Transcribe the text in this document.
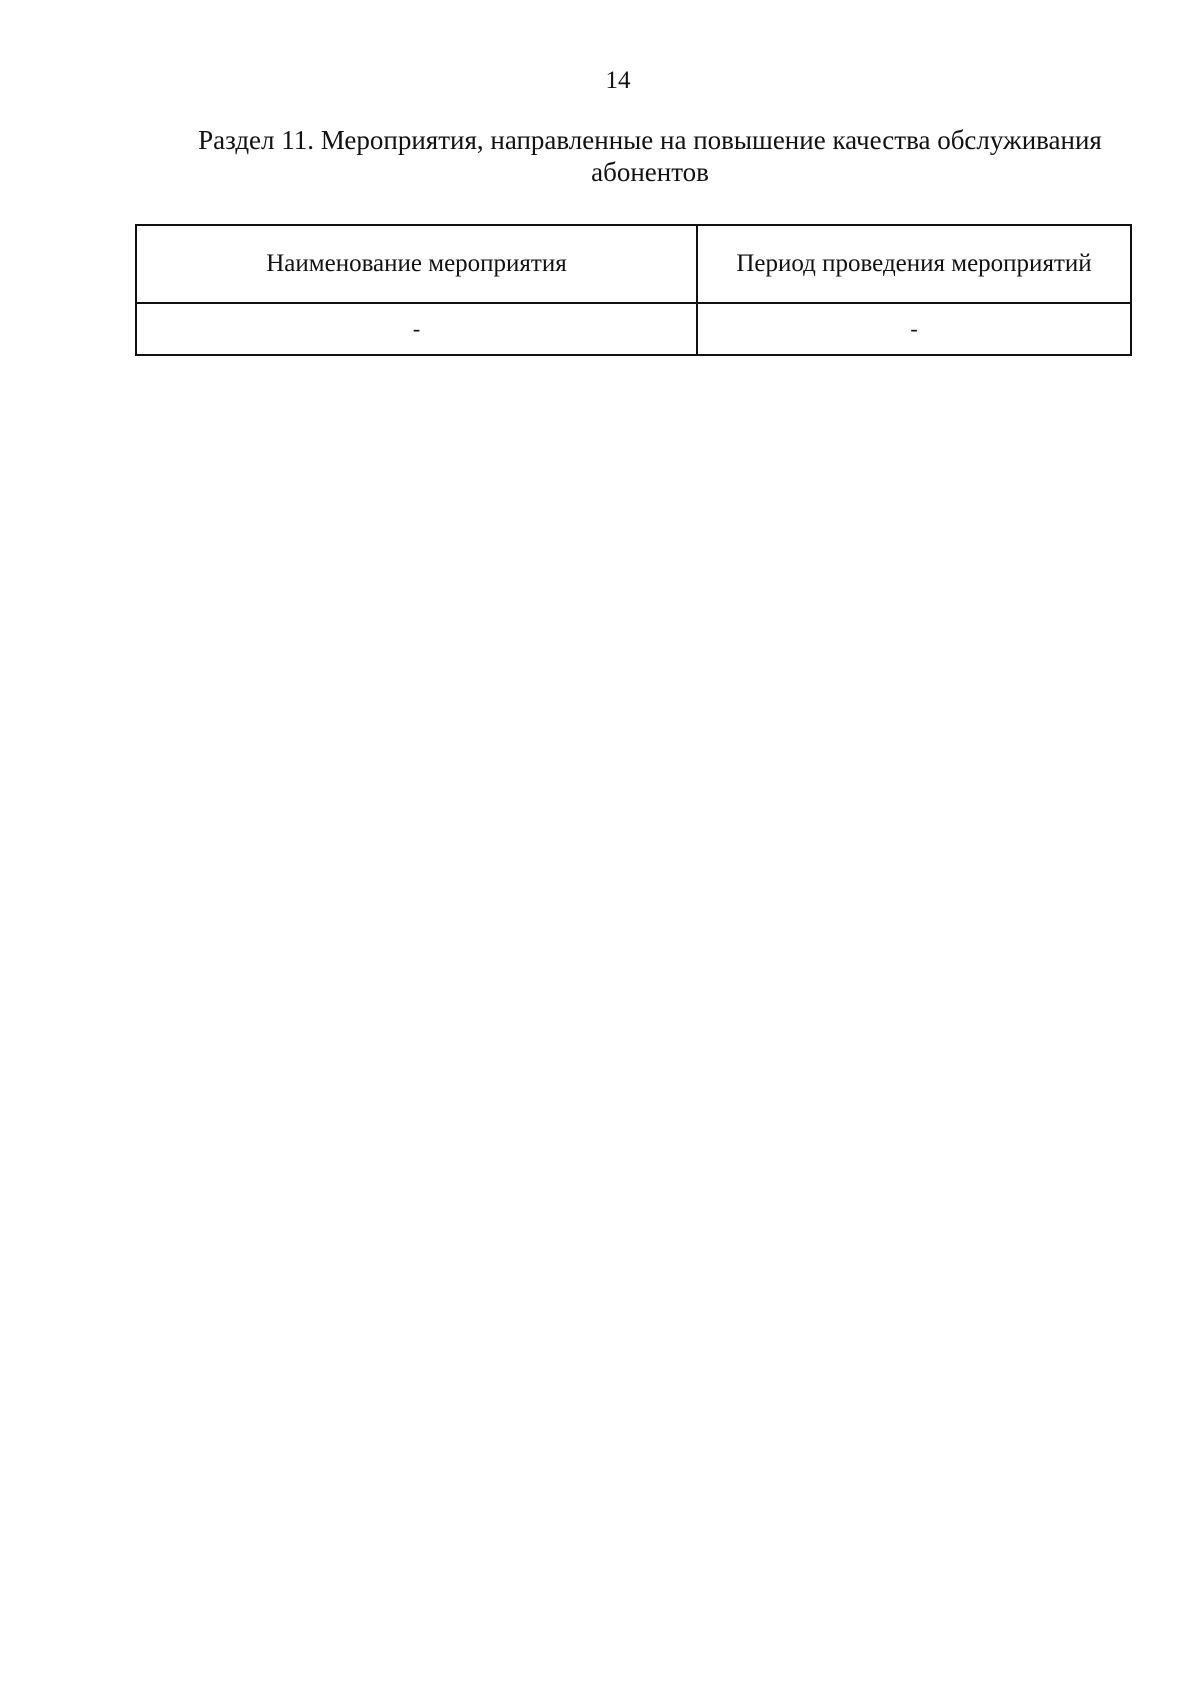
14
Раздел 11. Мероприятия, направленные на повышение качества обслуживания
абонентов
Наименование мероприятия	Период проведения мероприятий
-	-
